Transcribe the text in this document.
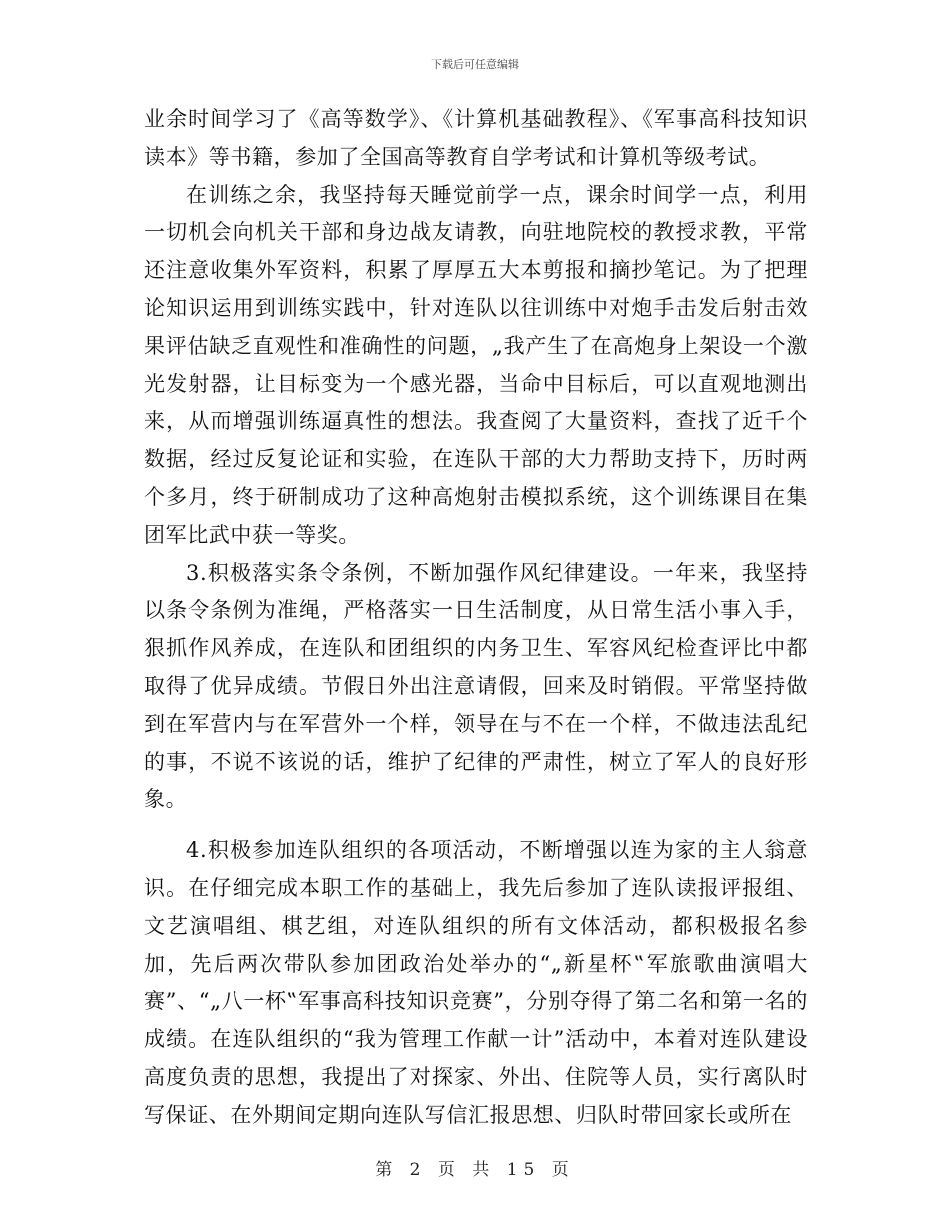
下载后可任意编辑

业余时间学习了《高等数学》、《计算机基础教程》、《军事高科技知识读本》等书籍，参加了全国高等教育自学考试和计算机等级考试。

在训练之余，我坚持每天睡觉前学一点，课余时间学一点，利用一切机会向机关干部和身边战友请教，向驻地院校的教授求教，平常还注意收集外军资料，积累了厚厚五大本剪报和摘抄笔记。为了把理论知识运用到训练实践中，针对连队以往训练中对炮手击发后射击效果评估缺乏直观性和准确性的问题，„我产生了在高炮身上架设一个激光发射器，让目标变为一个感光器，当命中目标后，可以直观地测出来，从而增强训练逼真性的想法。我查阅了大量资料，查找了近千个数据，经过反复论证和实验，在连队干部的大力帮助支持下，历时两个多月，终于研制成功了这种高炮射击模拟系统，这个训练课目在集团军比武中获一等奖。

3.积极落实条令条例，不断加强作风纪律建设。一年来，我坚持以条令条例为准绳，严格落实一日生活制度，从日常生活小事入手，狠抓作风养成，在连队和团组织的内务卫生、军容风纪检查评比中都取得了优异成绩。节假日外出注意请假，回来及时销假。平常坚持做到在军营内与在军营外一个样，领导在与不在一个样，不做违法乱纪的事，不说不该说的话，维护了纪律的严肃性，树立了军人的良好形象。

4.积极参加连队组织的各项活动，不断增强以连为家的主人翁意识。在仔细完成本职工作的基础上，我先后参加了连队读报评报组、文艺演唱组、棋艺组，对连队组织的所有文体活动，都积极报名参加，先后两次带队参加团政治处举办的“„新星杯‟军旅歌曲演唱大赛”、“„八一杯‟军事高科技知识竞赛”，分别夺得了第二名和第一名的成绩。在连队组织的“我为管理工作献一计”活动中，本着对连队建设高度负责的思想，我提出了对探家、外出、住院等人员，实行离队时写保证、在外期间定期向连队写信汇报思想、归队时带回家长或所在

第 2 页 共 15 页
